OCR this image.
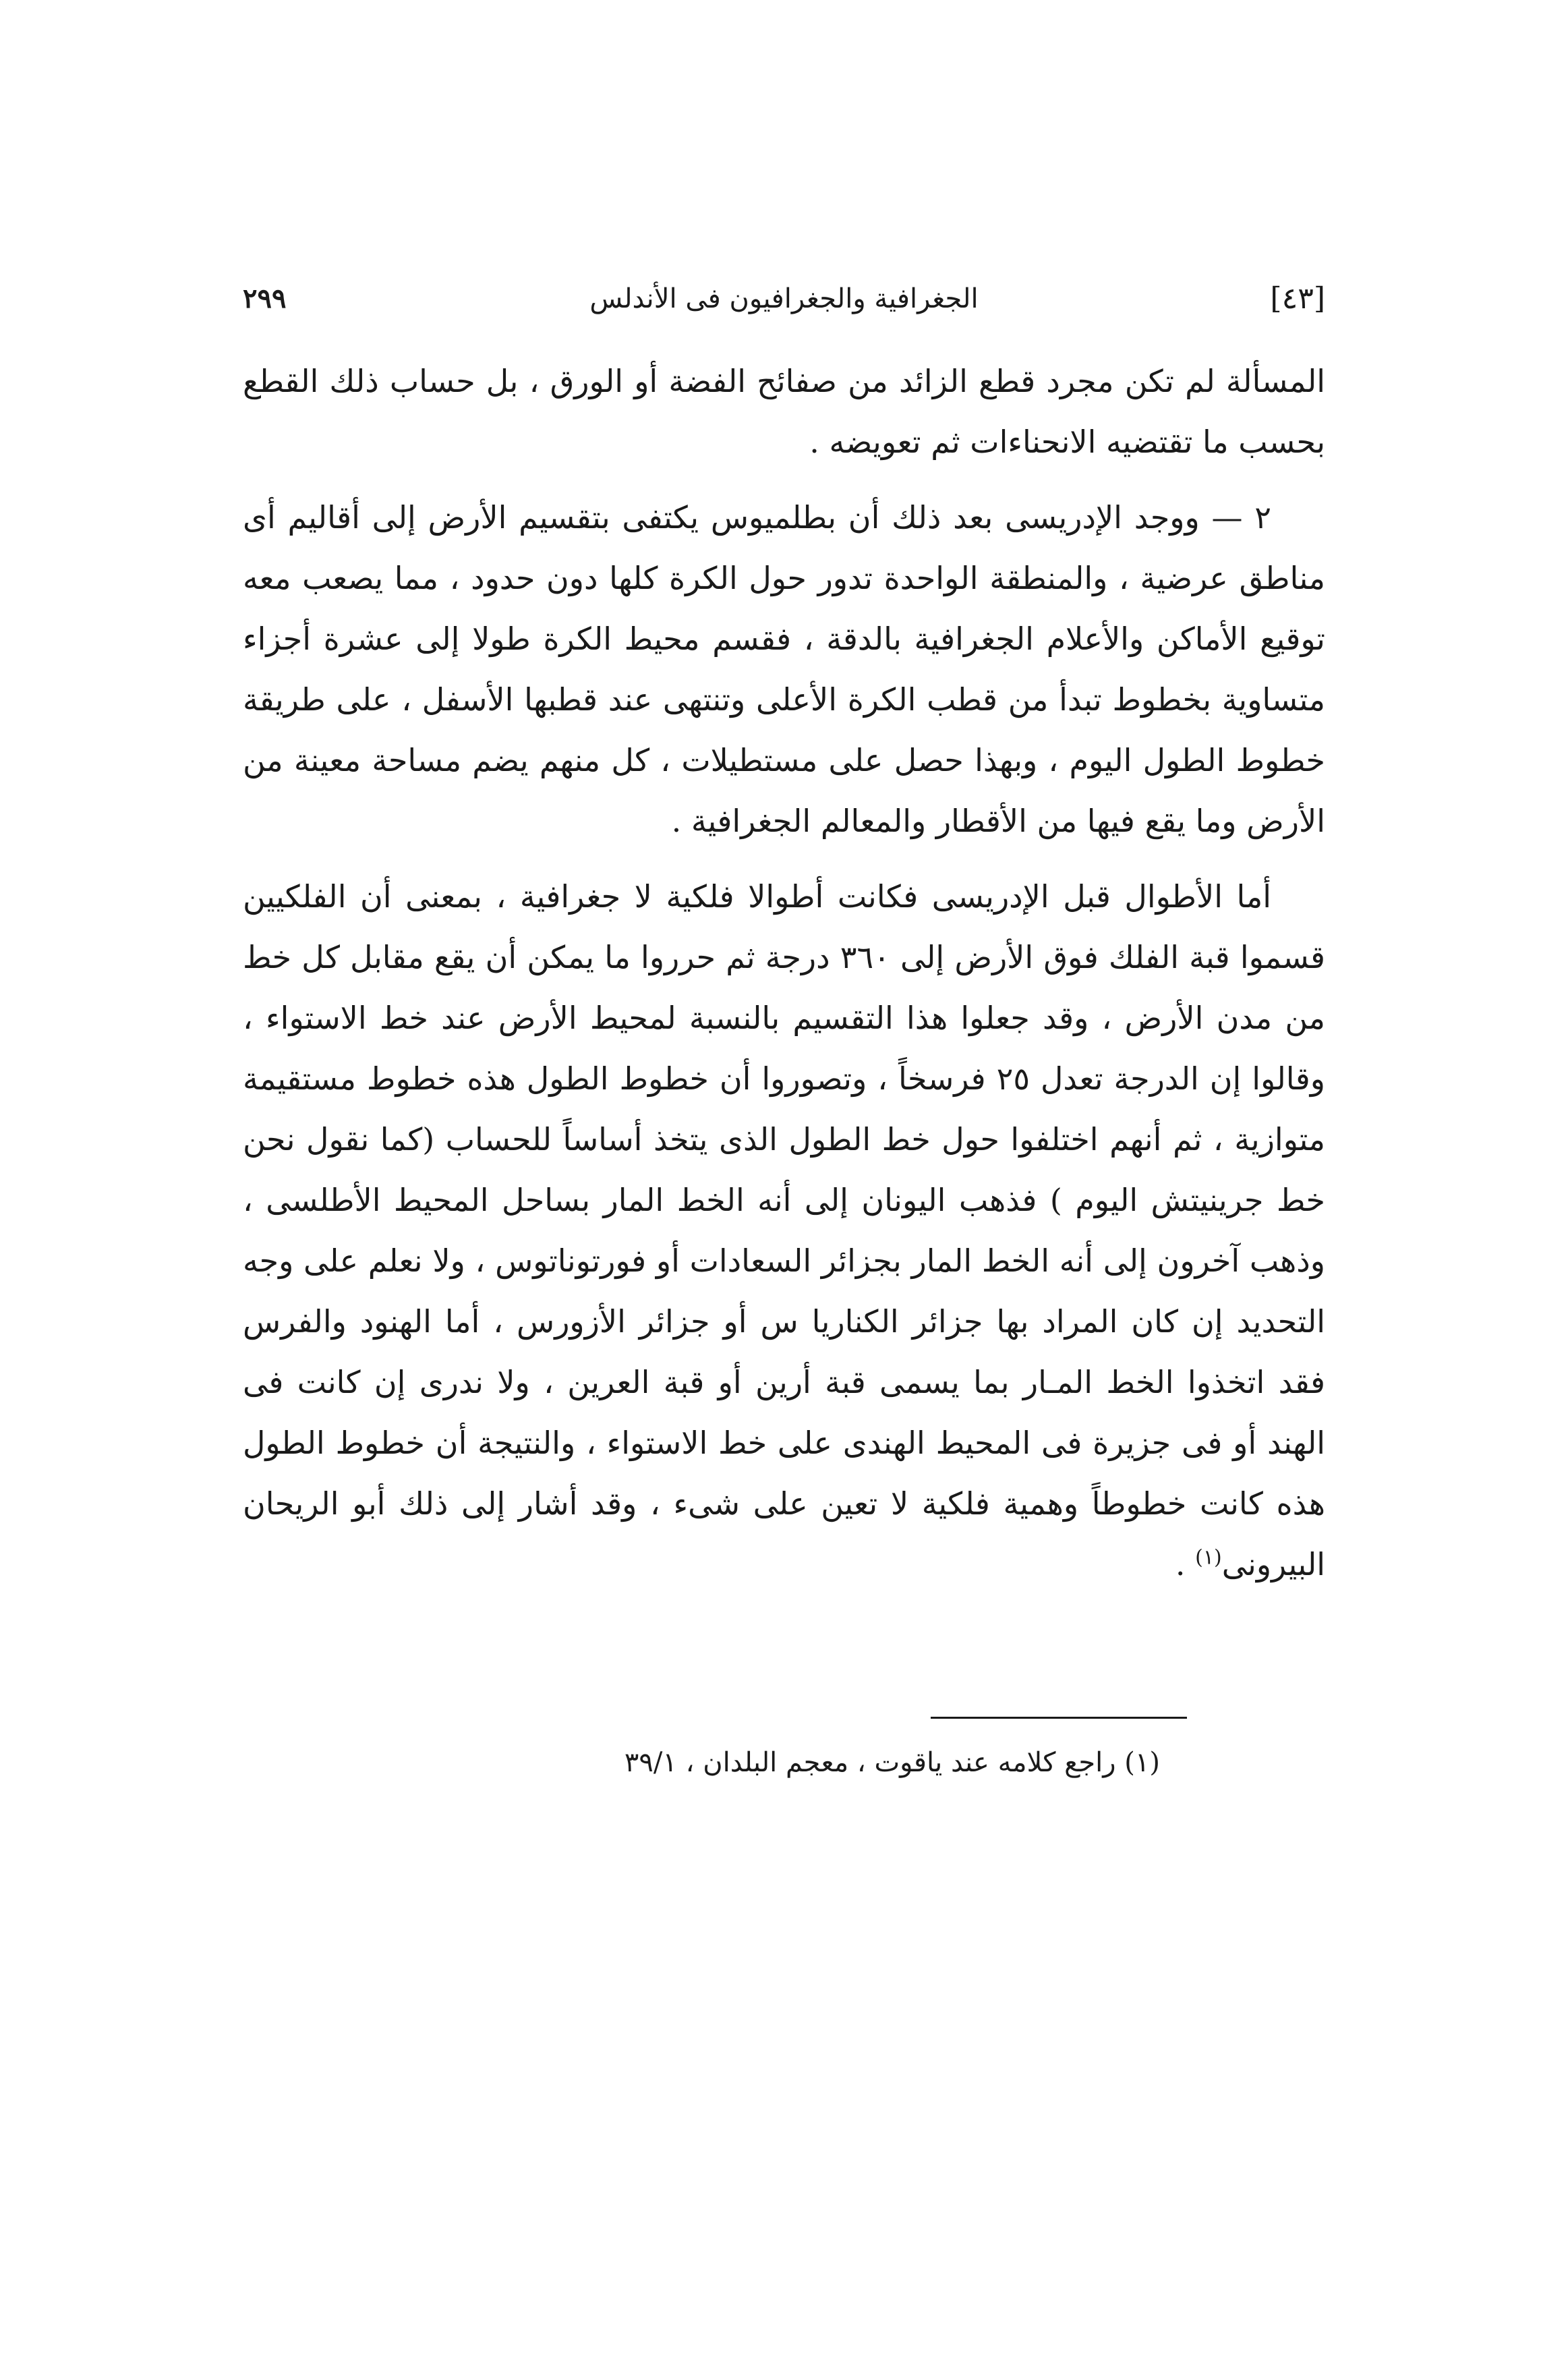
[٤٣]
الجغرافية والجغرافيون فى الأندلس
٢٩٩

المسألة لم تكن مجرد قطع الزائد من صفائح الفضة أو الورق ، بل حساب ذلك القطع بحسب ما تقتضيه الانحناءات ثم تعويضه .

٢ — ووجد الإدريسى بعد ذلك أن بطلميوس يكتفى بتقسيم الأرض إلى أقاليم أى مناطق عرضية ، والمنطقة الواحدة تدور حول الكرة كلها دون حدود ، مما يصعب معه توقيع الأماكن والأعلام الجغرافية بالدقة ، فقسم محيط الكرة طولا إلى عشرة أجزاء متساوية بخطوط تبدأ من قطب الكرة الأعلى وتنتهى عند قطبها الأسفل ، على طريقة خطوط الطول اليوم ، وبهذا حصل على مستطيلات ، كل منهم يضم مساحة معينة من الأرض وما يقع فيها من الأقطار والمعالم الجغرافية .

أما الأطوال قبل الإدريسى فكانت أطوالا فلكية لا جغرافية ، بمعنى أن الفلكيين قسموا قبة الفلك فوق الأرض إلى ٣٦٠ درجة ثم حرروا ما يمكن أن يقع مقابل كل خط من مدن الأرض ، وقد جعلوا هذا التقسيم بالنسبة لمحيط الأرض عند خط الاستواء ، وقالوا إن الدرجة تعدل ٢٥ فرسخاً ، وتصوروا أن خطوط الطول هذه خطوط مستقيمة متوازية ، ثم أنهم اختلفوا حول خط الطول الذى يتخذ أساساً للحساب (كما نقول نحن خط جرينيتش اليوم ) فذهب اليونان إلى أنه الخط المار بساحل المحيط الأطلسى ، وذهب آخرون إلى أنه الخط المار بجزائر السعادات أو فورتوناتوس ، ولا نعلم على وجه التحديد إن كان المراد بها جزائر الكناريا س أو جزائر الأزورس ، أما الهنود والفرس فقد اتخذوا الخط المـار بما يسمى قبة أرين أو قبة العرين ، ولا ندرى إن كانت فى الهند أو فى جزيرة فى المحيط الهندى على خط الاستواء ، والنتيجة أن خطوط الطول هذه كانت خطوطاً وهمية فلكية لا تعين على شىء ، وقد أشار إلى ذلك أبو الريحان البيرونى$^{(١)}$ .

(١) راجع كلامه عند ياقوت ، معجم البلدان ، ٣٩/١
